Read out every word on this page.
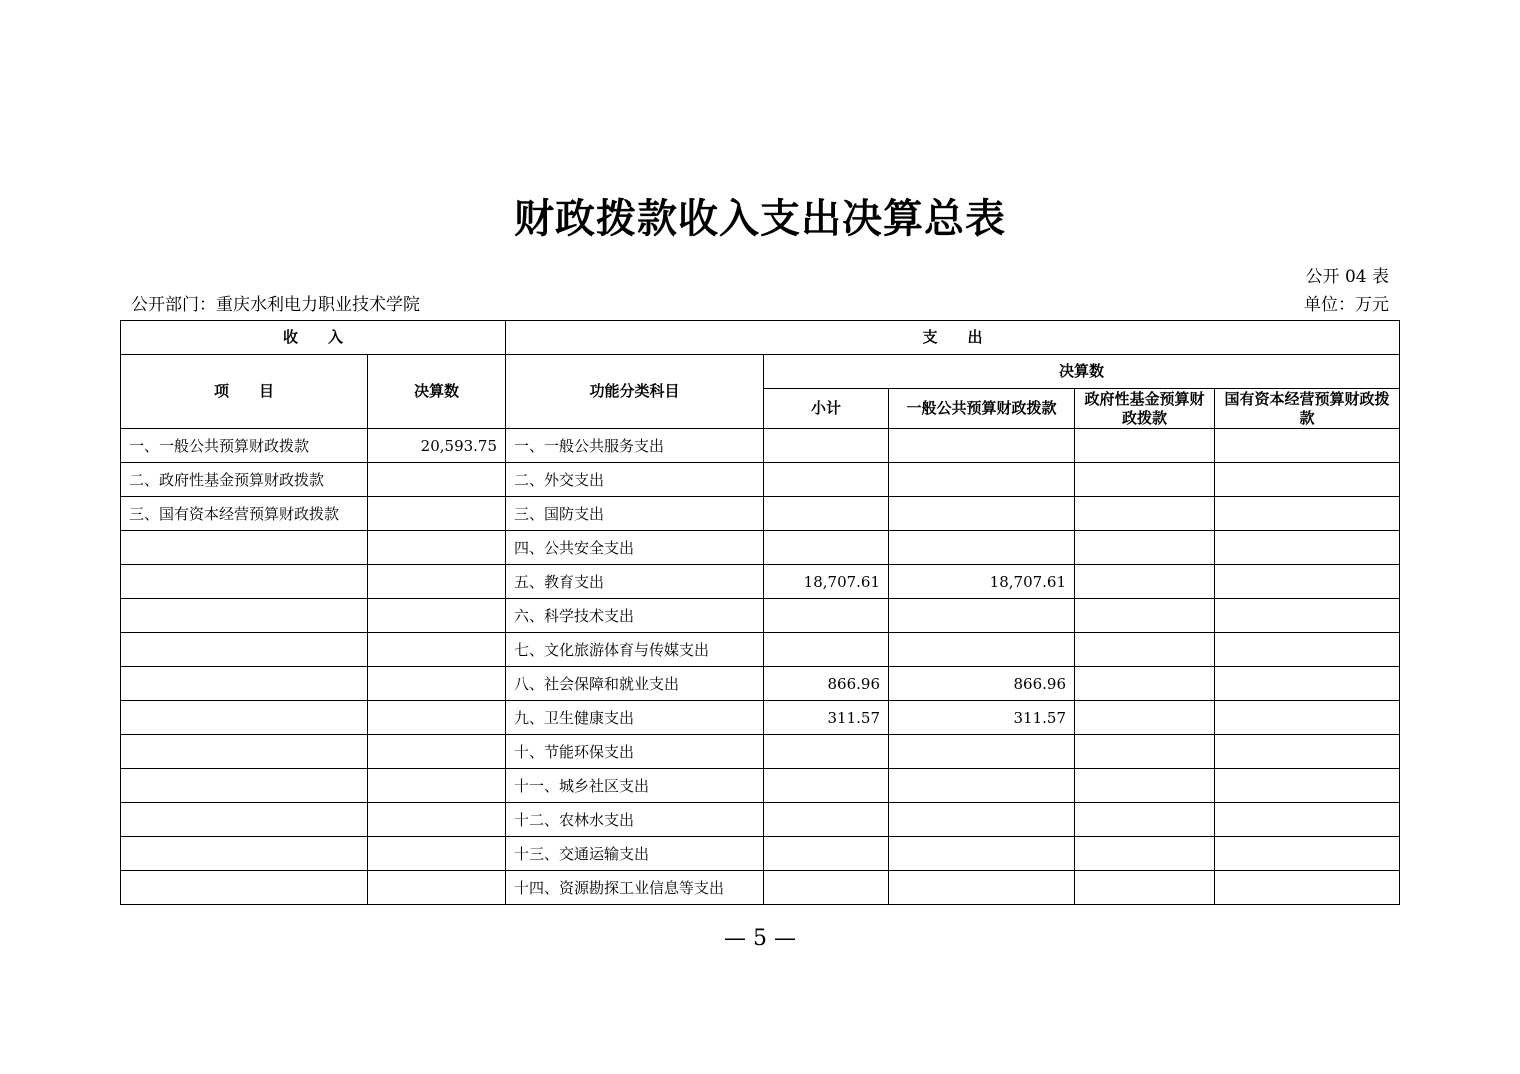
财政拨款收入支出决算总表
公开 04 表
公开部门：重庆水利电力职业技术学院	单位：万元
收　　入		支　　出				
项　　目	决算数	功能分类科目	决算数			
			小计	一般公共预算财政拨款	政府性基金预算财政拨款	国有资本经营预算财政拨款
一、一般公共预算财政拨款	20,593.75	一、一般公共服务支出				
二、政府性基金预算财政拨款		二、外交支出				
三、国有资本经营预算财政拨款		三、国防支出				
		四、公共安全支出				
		五、教育支出	18,707.61	18,707.61		
		六、科学技术支出				
		七、文化旅游体育与传媒支出				
		八、社会保障和就业支出	866.96	866.96		
		九、卫生健康支出	311.57	311.57		
		十、节能环保支出				
		十一、城乡社区支出				
		十二、农林水支出				
		十三、交通运输支出				
		十四、资源勘探工业信息等支出				
— 5 —
